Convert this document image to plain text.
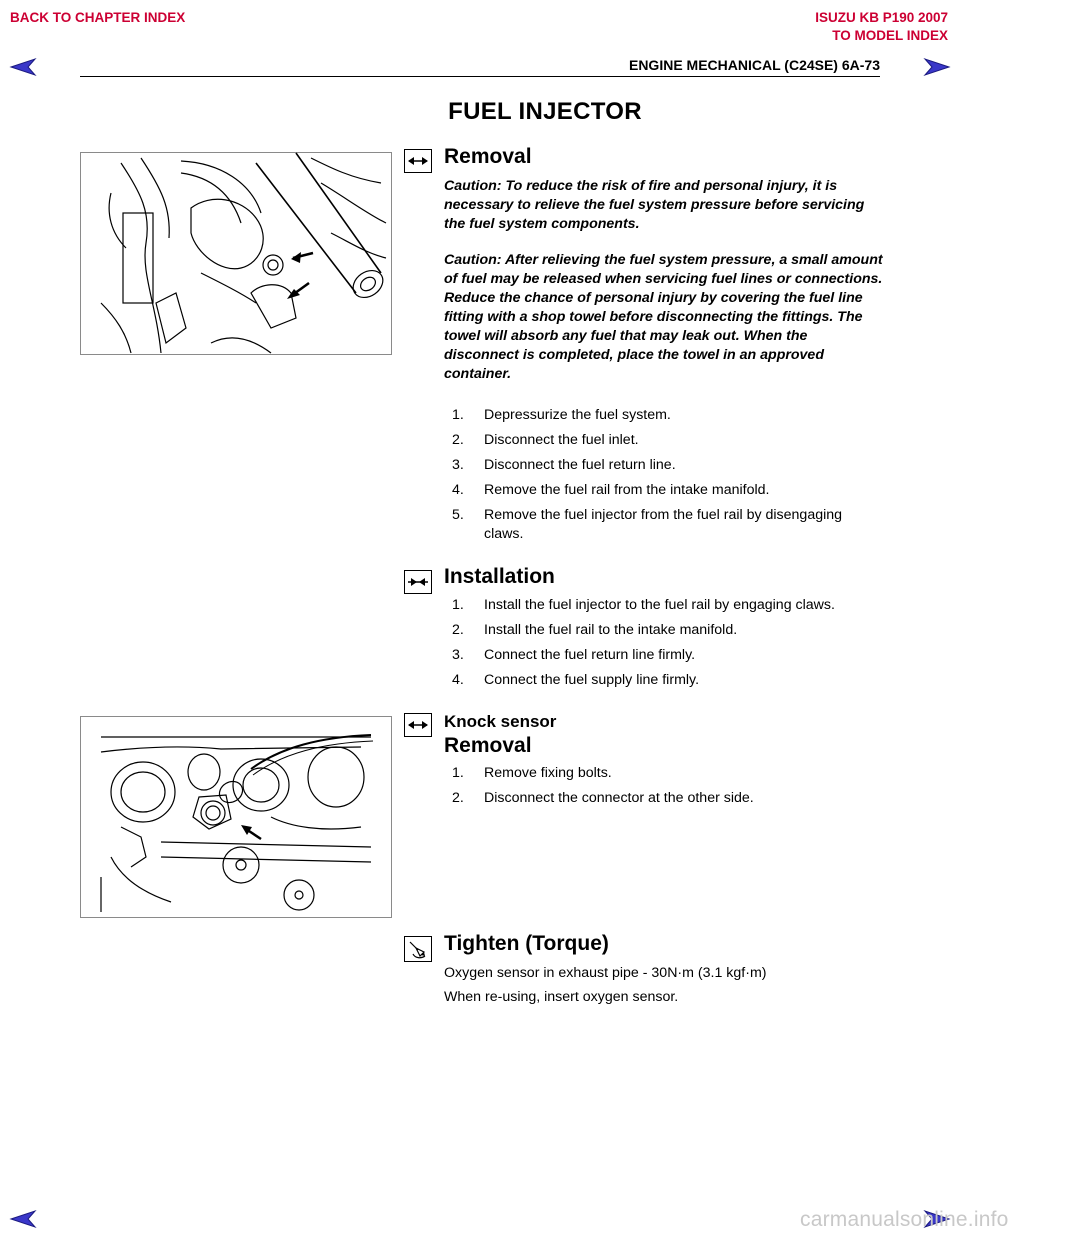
BACK TO CHAPTER INDEX	ISUZU KB P190 2007
TO MODEL INDEX
ENGINE MECHANICAL (C24SE) 6A-73
FUEL INJECTOR
Removal
Caution: To reduce the risk of fire and personal injury, it is necessary to relieve the fuel system pressure before servicing the fuel system components.
Caution: After relieving the fuel system pressure, a small amount of fuel may be released when servicing fuel lines or connections. Reduce the chance of personal injury by covering the fuel line fitting with a shop towel before disconnecting the fittings. The towel will absorb any fuel that may leak out. When the disconnect is completed, place the towel in an approved container.
1.	Depressurize the fuel system.
2.	Disconnect the fuel inlet.
3.	Disconnect the fuel return line.
4.	Remove the fuel rail from the intake manifold.
5.	Remove the fuel injector from the fuel rail by disengaging claws.
Installation
1.	Install the fuel injector to the fuel rail by engaging claws.
2.	Install the fuel rail to the intake manifold.
3.	Connect the fuel return line firmly.
4.	Connect the fuel supply line firmly.
Knock sensor
Removal
1.	Remove fixing bolts.
2.	Disconnect the connector at the other side.
Tighten (Torque)
Oxygen sensor in exhaust pipe - 30N·m (3.1 kgf·m)
When re-using, insert oxygen sensor.
carmanualsonline.info
